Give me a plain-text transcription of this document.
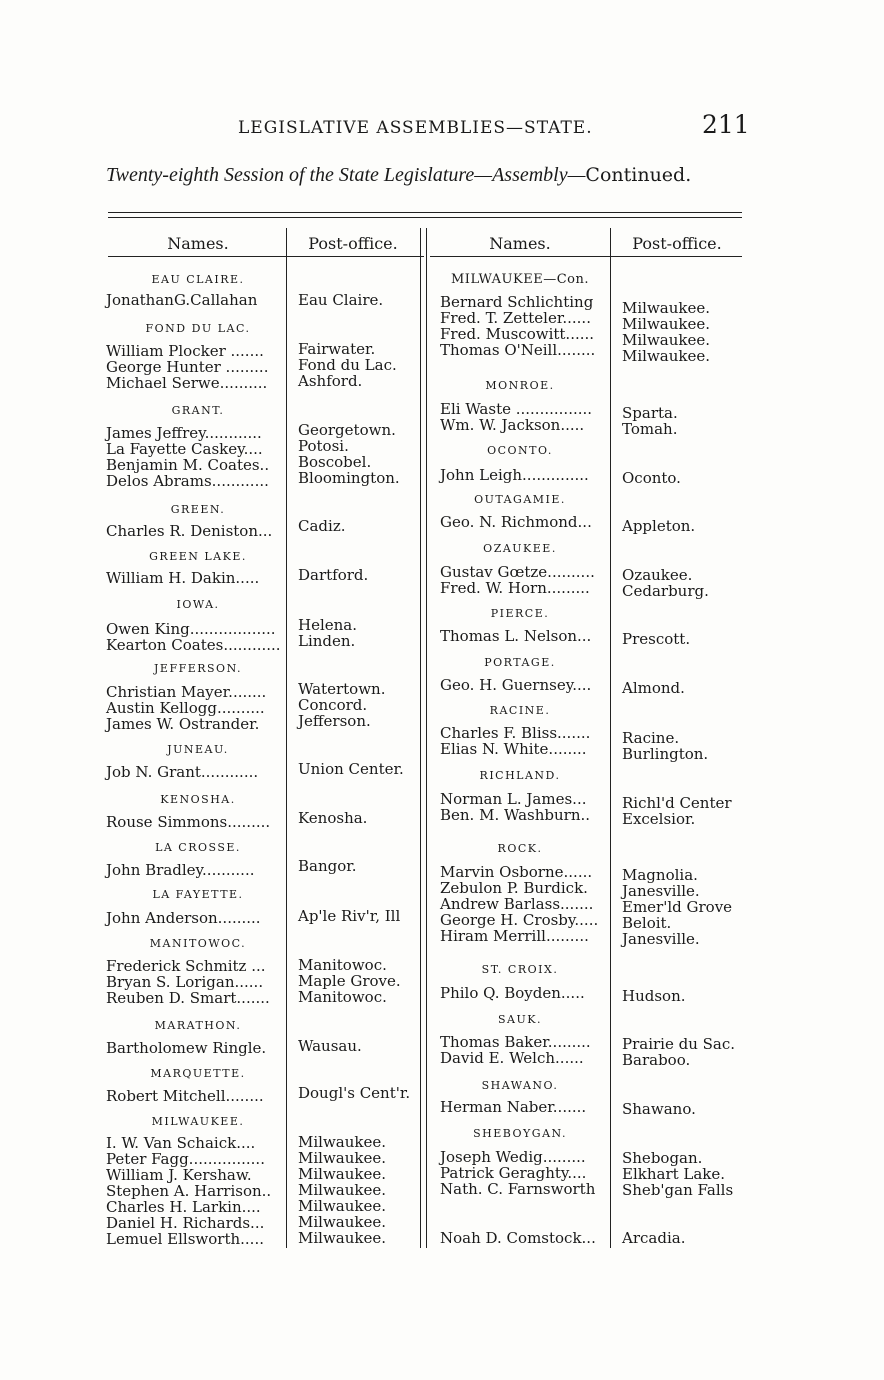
LEGISLATIVE ASSEMBLIES—STATE.	211
Twenty-eighth Session of the State Legislature—Assembly—Continued.
Names.	Post-office.	Names.	Post-office.
EAU CLAIRE.
FOND DU LAC.
GRANT.
GREEN.
GREEN LAKE.
IOWA.
JEFFERSON.
JUNEAU.
KENOSHA.
LA CROSSE.
LA FAYETTE.
MANITOWOC.
MARATHON.
MARQUETTE.
MILWAUKEE.
JonathanG.Callahan	Eau Claire.
William Plocker ....... Fairwater.
George Hunter ......... Fond du Lac.
Michael Serwe.......... Ashford.
James Jeffrey............ Georgetown.
La Fayette Caskey.... Potosi.
Benjamin M. Coates.. Boscobel.
Delos Abrams............ Bloomington.
Charles R. Deniston... Cadiz.
William H. Dakin.....	Dartford.
Owen King.................. Helena.
Kearton Coates............ Linden.
Christian Mayer........ Watertown.
Austin Kellogg.......... Concord.
James W. Ostrander.	Jefferson.
Job N. Grant............	Union Center.
Rouse Simmons......... Kenosha.
John Bradley...........	Bangor.
John Anderson......... Ap'le Riv'r, Ill
Frederick Schmitz ... Manitowoc.
Bryan S. Lorigan...... Maple Grove.
Reuben D. Smart....... Manitowoc.
Bartholomew Ringle. Wausau.
Robert Mitchell........ Dougl's Cent'r.
I. W. Van Schaick....	Milwaukee.
Peter Fagg................ Milwaukee.
William J. Kershaw.	Milwaukee.
Stephen A. Harrison.. Milwaukee.
Charles H. Larkin.... Milwaukee.
Daniel H. Richards... Milwaukee.
Lemuel Ellsworth..... Milwaukee.
MILWAUKEE—Con.
MONROE.
OCONTO.
OUTAGAMIE.
OZAUKEE.
PIERCE.
PORTAGE.
RACINE.
RICHLAND.
ROCK.
ST. CROIX.
SAUK.
SHAWANO.
SHEBOYGAN.
Bernard Schlichting Milwaukee.
Fred. T. Zetteler...... Milwaukee.
Fred. Muscowitt...... Milwaukee.
Thomas O'Neill........ Milwaukee.
Eli Waste ................ Sparta.
Wm. W. Jackson.....	Tomah.
John Leigh.............. Oconto.
Geo. N. Richmond... Appleton.
Gustav Gœtze.......... Ozaukee.
Fred. W. Horn......... Cedarburg.
Thomas L. Nelson... Prescott.
Geo. H. Guernsey.... Almond.
Charles F. Bliss....... Racine.
Elias N. White........ Burlington.
Norman L. James... Richl'd Center
Ben. M. Washburn.. Excelsior.
Marvin Osborne...... Magnolia.
Zebulon P. Burdick. Janesville.
Andrew Barlass....... Emer'ld Grove
George H. Crosby..... Beloit.
Hiram Merrill......... Janesville.
Philo Q. Boyden..... Hudson.
Thomas Baker......... Prairie du Sac.
David E. Welch......	Baraboo.
Herman Naber....... Shawano.
Joseph Wedig......... Shebogan.
Patrick Geraghty.... Elkhart Lake.
Nath. C. Farnsworth Sheb'gan Falls
Noah D. Comstock... Arcadia.
